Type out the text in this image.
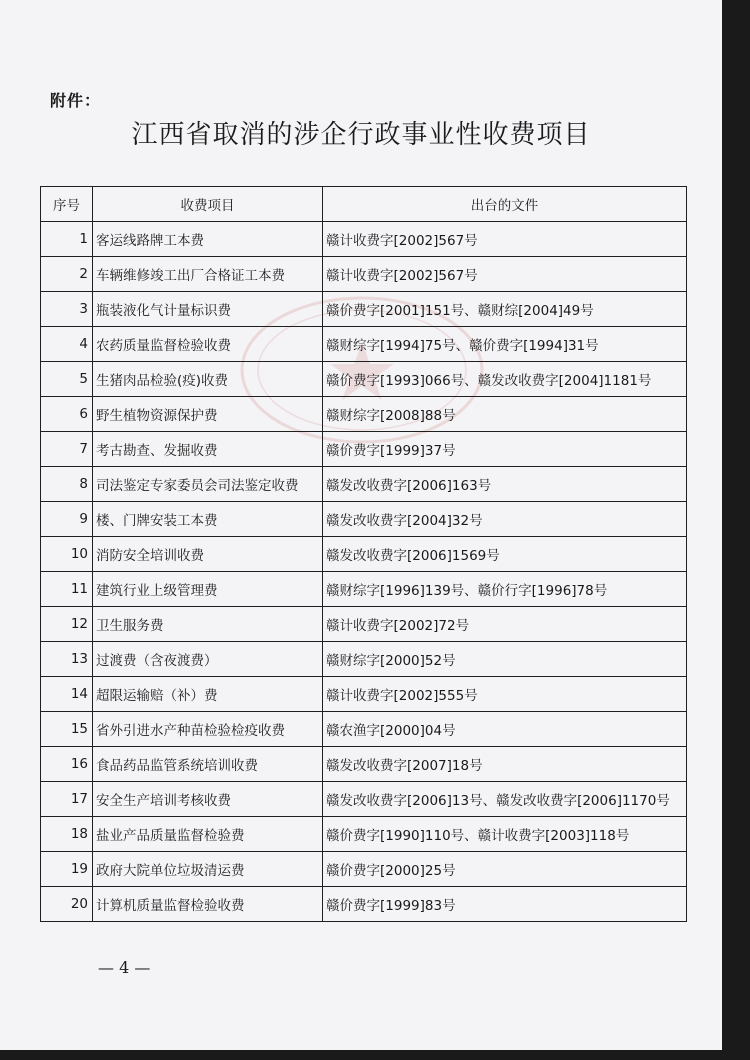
附件：
江西省取消的涉企行政事业性收费项目
序号	收费项目	出台的文件
1	客运线路牌工本费	赣计收费字[2002]567号
2	车辆维修竣工出厂合格证工本费	赣计收费字[2002]567号
3	瓶装液化气计量标识费	赣价费字[2001]151号、赣财综[2004]49号
4	农药质量监督检验收费	赣财综字[1994]75号、赣价费字[1994]31号
5	生猪肉品检验(疫)收费	赣价费字[1993]066号、赣发改收费字[2004]1181号
6	野生植物资源保护费	赣财综字[2008]88号
7	考古勘查、发掘收费	赣价费字[1999]37号
8	司法鉴定专家委员会司法鉴定收费	赣发改收费字[2006]163号
9	楼、门牌安装工本费	赣发改收费字[2004]32号
10	消防安全培训收费	赣发改收费字[2006]1569号
11	建筑行业上级管理费	赣财综字[1996]139号、赣价行字[1996]78号
12	卫生服务费	赣计收费字[2002]72号
13	过渡费（含夜渡费）	赣财综字[2000]52号
14	超限运输赔（补）费	赣计收费字[2002]555号
15	省外引进水产种苗检验检疫收费	赣农渔字[2000]04号
16	食品药品监管系统培训收费	赣发改收费字[2007]18号
17	安全生产培训考核收费	赣发改收费字[2006]13号、赣发改收费字[2006]1170号
18	盐业产品质量监督检验费	赣价费字[1990]110号、赣计收费字[2003]118号
19	政府大院单位垃圾清运费	赣价费字[2000]25号
20	计算机质量监督检验收费	赣价费字[1999]83号
— 4 —
